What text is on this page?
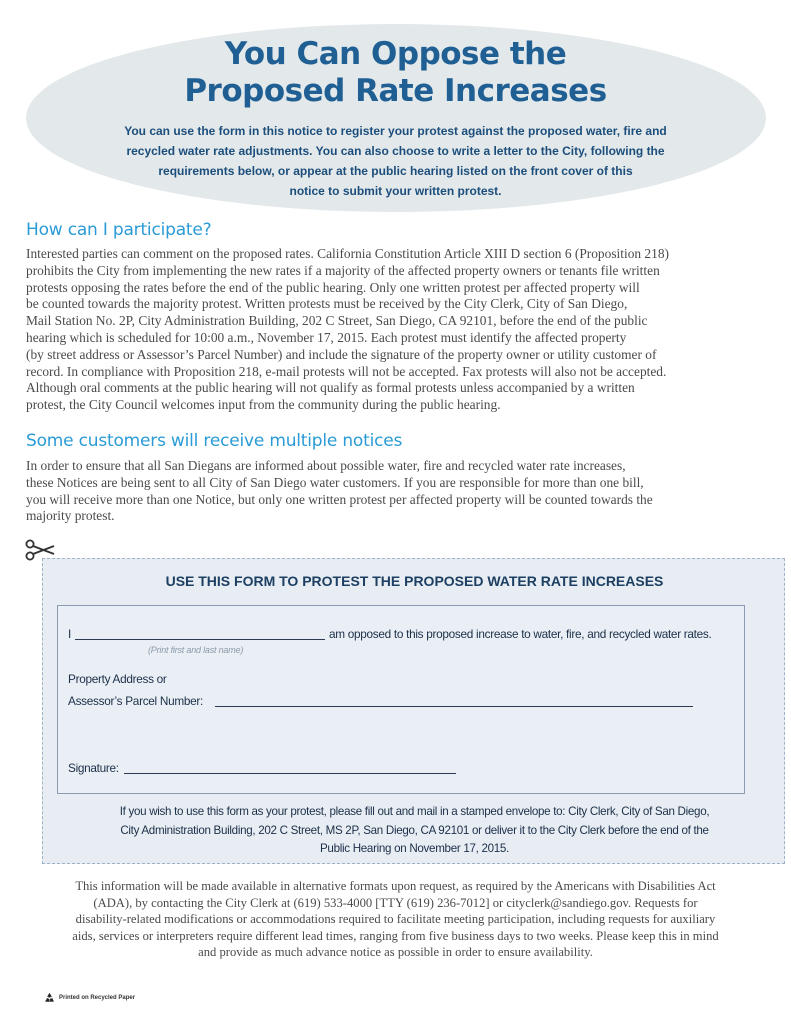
You Can Oppose the
Proposed Rate Increases
You can use the form in this notice to register your protest against the proposed water, fire and
recycled water rate adjustments. You can also choose to write a letter to the City, following the
requirements below, or appear at the public hearing listed on the front cover of this
notice to submit your written protest.
How can I participate?
Interested parties can comment on the proposed rates. California Constitution Article XIII D section 6 (Proposition 218)
prohibits the City from implementing the new rates if a majority of the affected property owners or tenants file written
protests opposing the rates before the end of the public hearing. Only one written protest per affected property will
be counted towards the majority protest. Written protests must be received by the City Clerk, City of San Diego,
Mail Station No. 2P, City Administration Building, 202 C Street, San Diego, CA 92101, before the end of the public
hearing which is scheduled for 10:00 a.m., November 17, 2015. Each protest must identify the affected property
(by street address or Assessor’s Parcel Number) and include the signature of the property owner or utility customer of
record. In compliance with Proposition 218, e-mail protests will not be accepted. Fax protests will also not be accepted.
Although oral comments at the public hearing will not qualify as formal protests unless accompanied by a written
protest, the City Council welcomes input from the community during the public hearing.
Some customers will receive multiple notices
In order to ensure that all San Diegans are informed about possible water, fire and recycled water rate increases,
these Notices are being sent to all City of San Diego water customers. If you are responsible for more than one bill,
you will receive more than one Notice, but only one written protest per affected property will be counted towards the
majority protest.
USE THIS FORM TO PROTEST THE PROPOSED WATER RATE INCREASES
I	am opposed to this proposed increase to water, fire, and recycled water rates.
(Print first and last name)
Property Address or
Assessor’s Parcel Number:
Signature:
If you wish to use this form as your protest, please fill out and mail in a stamped envelope to: City Clerk, City of San Diego,
City Administration Building, 202 C Street, MS 2P, San Diego, CA 92101 or deliver it to the City Clerk before the end of the
Public Hearing on November 17, 2015.
This information will be made available in alternative formats upon request, as required by the Americans with Disabilities Act
(ADA), by contacting the City Clerk at (619) 533-4000 [TTY (619) 236-7012] or cityclerk@sandiego.gov. Requests for
disability-related modifications or accommodations required to facilitate meeting participation, including requests for auxiliary
aids, services or interpreters require different lead times, ranging from five business days to two weeks. Please keep this in mind
and provide as much advance notice as possible in order to ensure availability.
Printed on Recycled Paper
